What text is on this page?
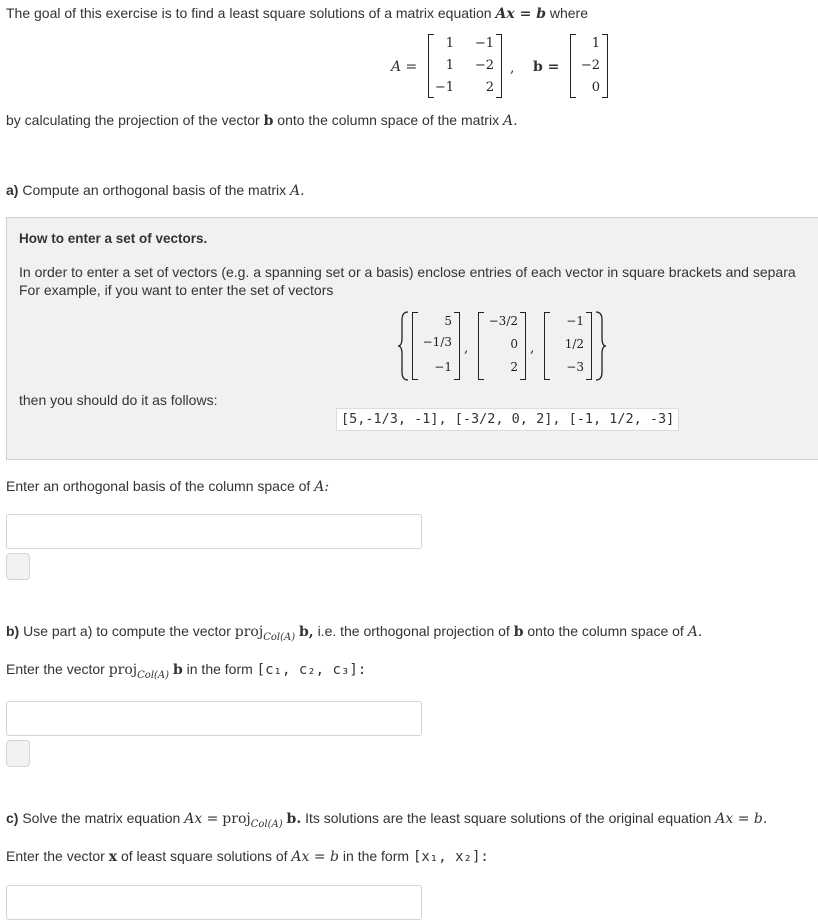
The goal of this exercise is to find a least square solutions of a matrix equation Ax = b where
A =
1 −1
1 −2
−1 2
, b =
1
−2
0
by calculating the projection of the vector b onto the column space of the matrix A.
a) Compute an orthogonal basis of the matrix A.
How to enter a set of vectors.
In order to enter a set of vectors (e.g. a spanning set or a basis) enclose entries of each vector in square brackets and separa
For example, if you want to enter the set of vectors
5
−1/3
−1
,
−3/2
0
2
,
−1
1/2
−3
then you should do it as follows:
[5,-1/3, -1], [-3/2, 0, 2], [-1, 1/2, -3]
Enter an orthogonal basis of the column space of A:
b) Use part a) to compute the vector proj$_{Col(A)}$ b, i.e. the orthogonal projection of b onto the column space of A.
Enter the vector proj$_{Col(A)}$ b in the form [c₁, c₂, c₃]:
c) Solve the matrix equation Ax = proj$_{Col(A)}$ b. Its solutions are the least square solutions of the original equation Ax = b.
Enter the vector x of least square solutions of Ax = b in the form [x₁, x₂]:
